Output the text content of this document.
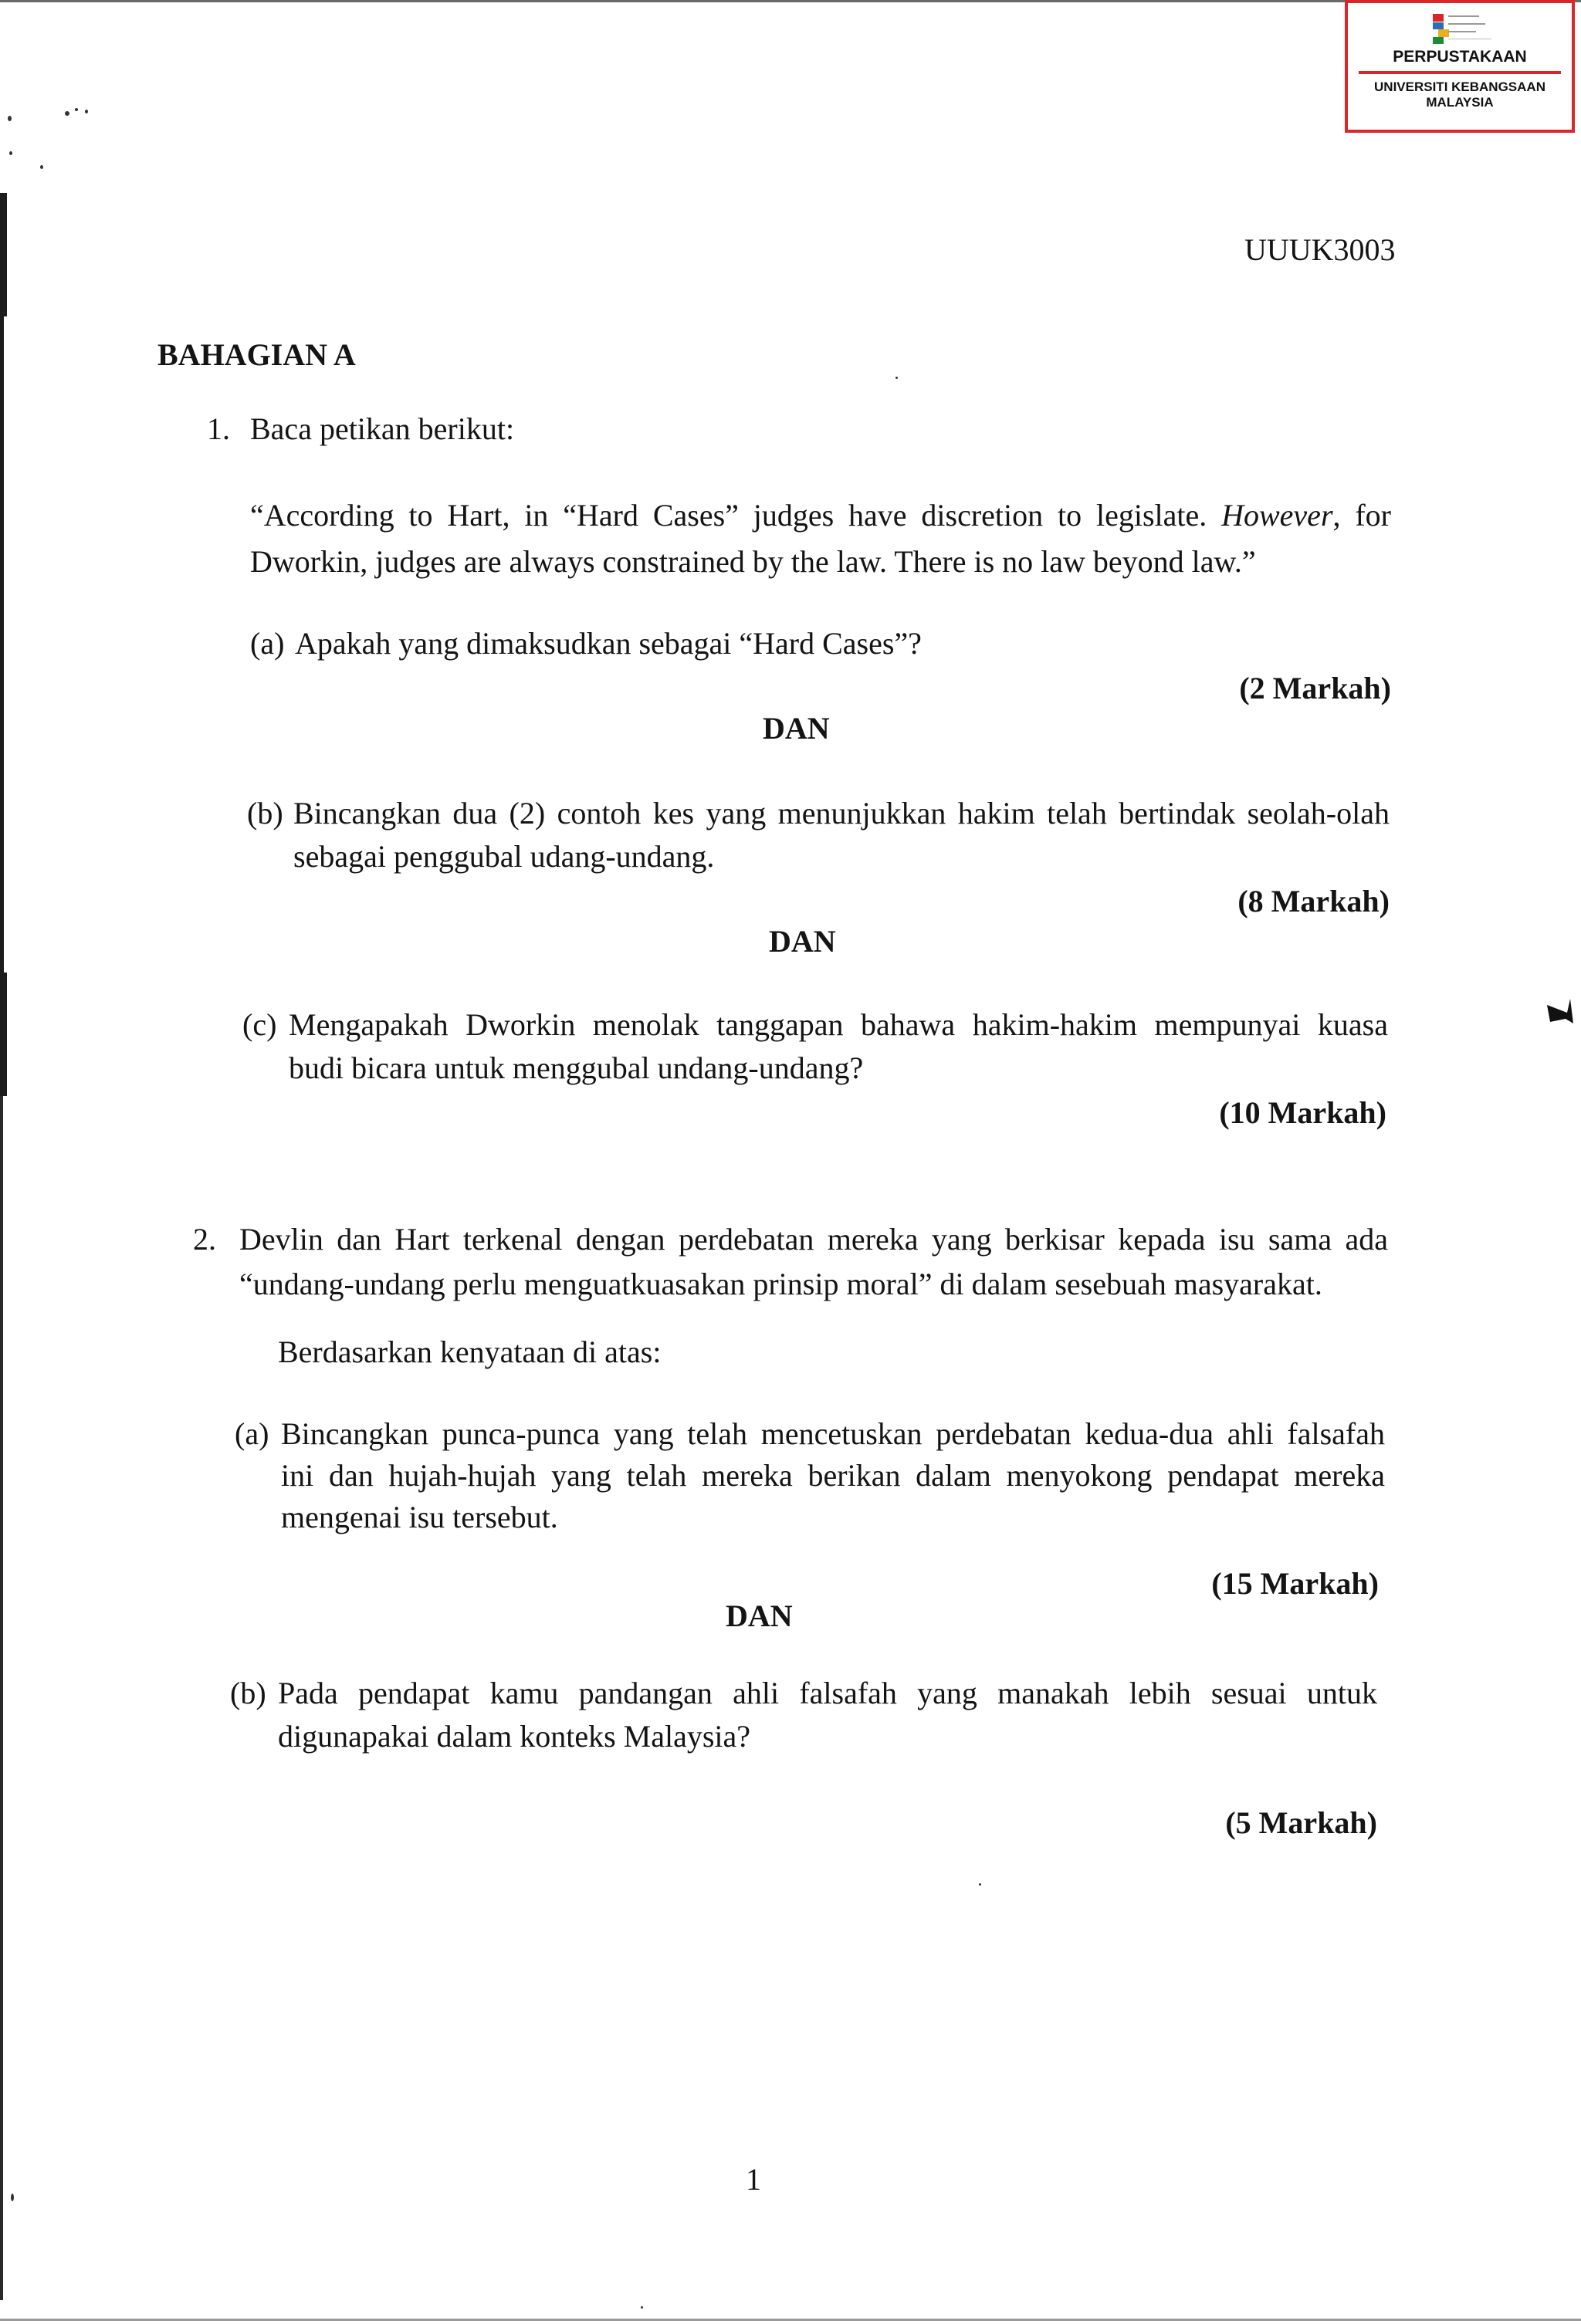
PERPUSTAKAAN
UNIVERSITI KEBANGSAAN MALAYSIA
UUUK3003
BAHAGIAN A
1. Baca petikan berikut:
“According to Hart, in “Hard Cases” judges have discretion to legislate. However, for
Dworkin, judges are always constrained by the law. There is no law beyond law.”
(a) Apakah yang dimaksudkan sebagai “Hard Cases”?
(2 Markah)
DAN
(b) Bincangkan dua (2) contoh kes yang menunjukkan hakim telah bertindak seolah-olah
sebagai penggubal udang-undang.
(8 Markah)
DAN
(c) Mengapakah Dworkin menolak tanggapan bahawa hakim-hakim mempunyai kuasa
budi bicara untuk menggubal undang-undang?
(10 Markah)
2. Devlin dan Hart terkenal dengan perdebatan mereka yang berkisar kepada isu sama ada
“undang-undang perlu menguatkuasakan prinsip moral” di dalam sesebuah masyarakat.
Berdasarkan kenyataan di atas:
(a) Bincangkan punca-punca yang telah mencetuskan perdebatan kedua-dua ahli falsafah
ini dan hujah-hujah yang telah mereka berikan dalam menyokong pendapat mereka
mengenai isu tersebut.
(15 Markah)
DAN
(b) Pada pendapat kamu pandangan ahli falsafah yang manakah lebih sesuai untuk
digunapakai dalam konteks Malaysia?
(5 Markah)
1
